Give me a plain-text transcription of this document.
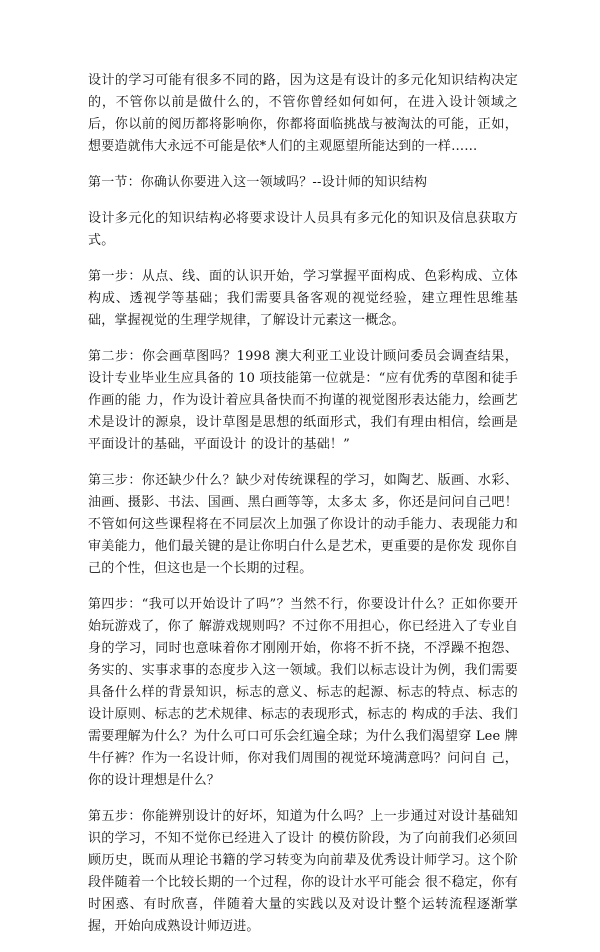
设计的学习可能有很多不同的路，因为这是有设计的多元化知识结构决定的，不管你以前是做什么的，不管你曾经如何如何，在进入设计领域之后，你以前的阅历都将影响你，你都将面临挑战与被淘汰的可能，正如，想要造就伟大永远不可能是依*人们的主观愿望所能达到的一样……

第一节：你确认你要进入这一领域吗？--设计师的知识结构

设计多元化的知识结构必将要求设计人员具有多元化的知识及信息获取方式。

第一步：从点、线、面的认识开始，学习掌握平面构成、色彩构成、立体构成、透视学等基础；我们需要具备客观的视觉经验，建立理性思维基础，掌握视觉的生理学规律，了解设计元素这一概念。

第二步：你会画草图吗？1998 澳大利亚工业设计顾问委员会调查结果，设计专业毕业生应具备的 10 项技能第一位就是：“应有优秀的草图和徒手作画的能 力，作为设计着应具备快而不拘谨的视觉图形表达能力，绘画艺术是设计的源泉，设计草图是思想的纸面形式，我们有理由相信，绘画是平面设计的基础，平面设计 的设计的基础！”

第三步：你还缺少什么？缺少对传统课程的学习，如陶艺、版画、水彩、油画、摄影、书法、国画、黑白画等等，太多太 多，你还是问问自己吧！不管如何这些课程将在不同层次上加强了你设计的动手能力、表现能力和审美能力，他们最关键的是让你明白什么是艺术，更重要的是你发 现你自己的个性，但这也是一个长期的过程。

第四步：“我可以开始设计了吗”？当然不行，你要设计什么？正如你要开始玩游戏了，你了 解游戏规则吗？不过你不用担心，你已经进入了专业自身的学习，同时也意味着你才刚刚开始，你将不折不挠，不浮躁不抱怨、务实的、实事求事的态度步入这一领域。我们以标志设计为例，我们需要具备什么样的背景知识，标志的意义、标志的起源、标志的特点、标志的设计原则、标志的艺术规律、标志的表现形式，标志的 构成的手法、我们需要理解为什么？为什么可口可乐会红遍全球；为什么我们渴望穿 Lee 牌牛仔裤？作为一名设计师，你对我们周围的视觉环境满意吗？问问自 己，你的设计理想是什么？

第五步：你能辨别设计的好坏，知道为什么吗？上一步通过对设计基础知识的学习，不知不觉你已经进入了设计 的模仿阶段，为了向前我们必须回顾历史，既而从理论书籍的学习转变为向前辈及优秀设计师学习。这个阶段伴随着一个比较长期的一个过程，你的设计水平可能会 很不稳定，你有时困惑、有时欣喜，伴随着大量的实践以及对设计整个运转流程逐渐掌握，开始向成熟设计师迈进。
